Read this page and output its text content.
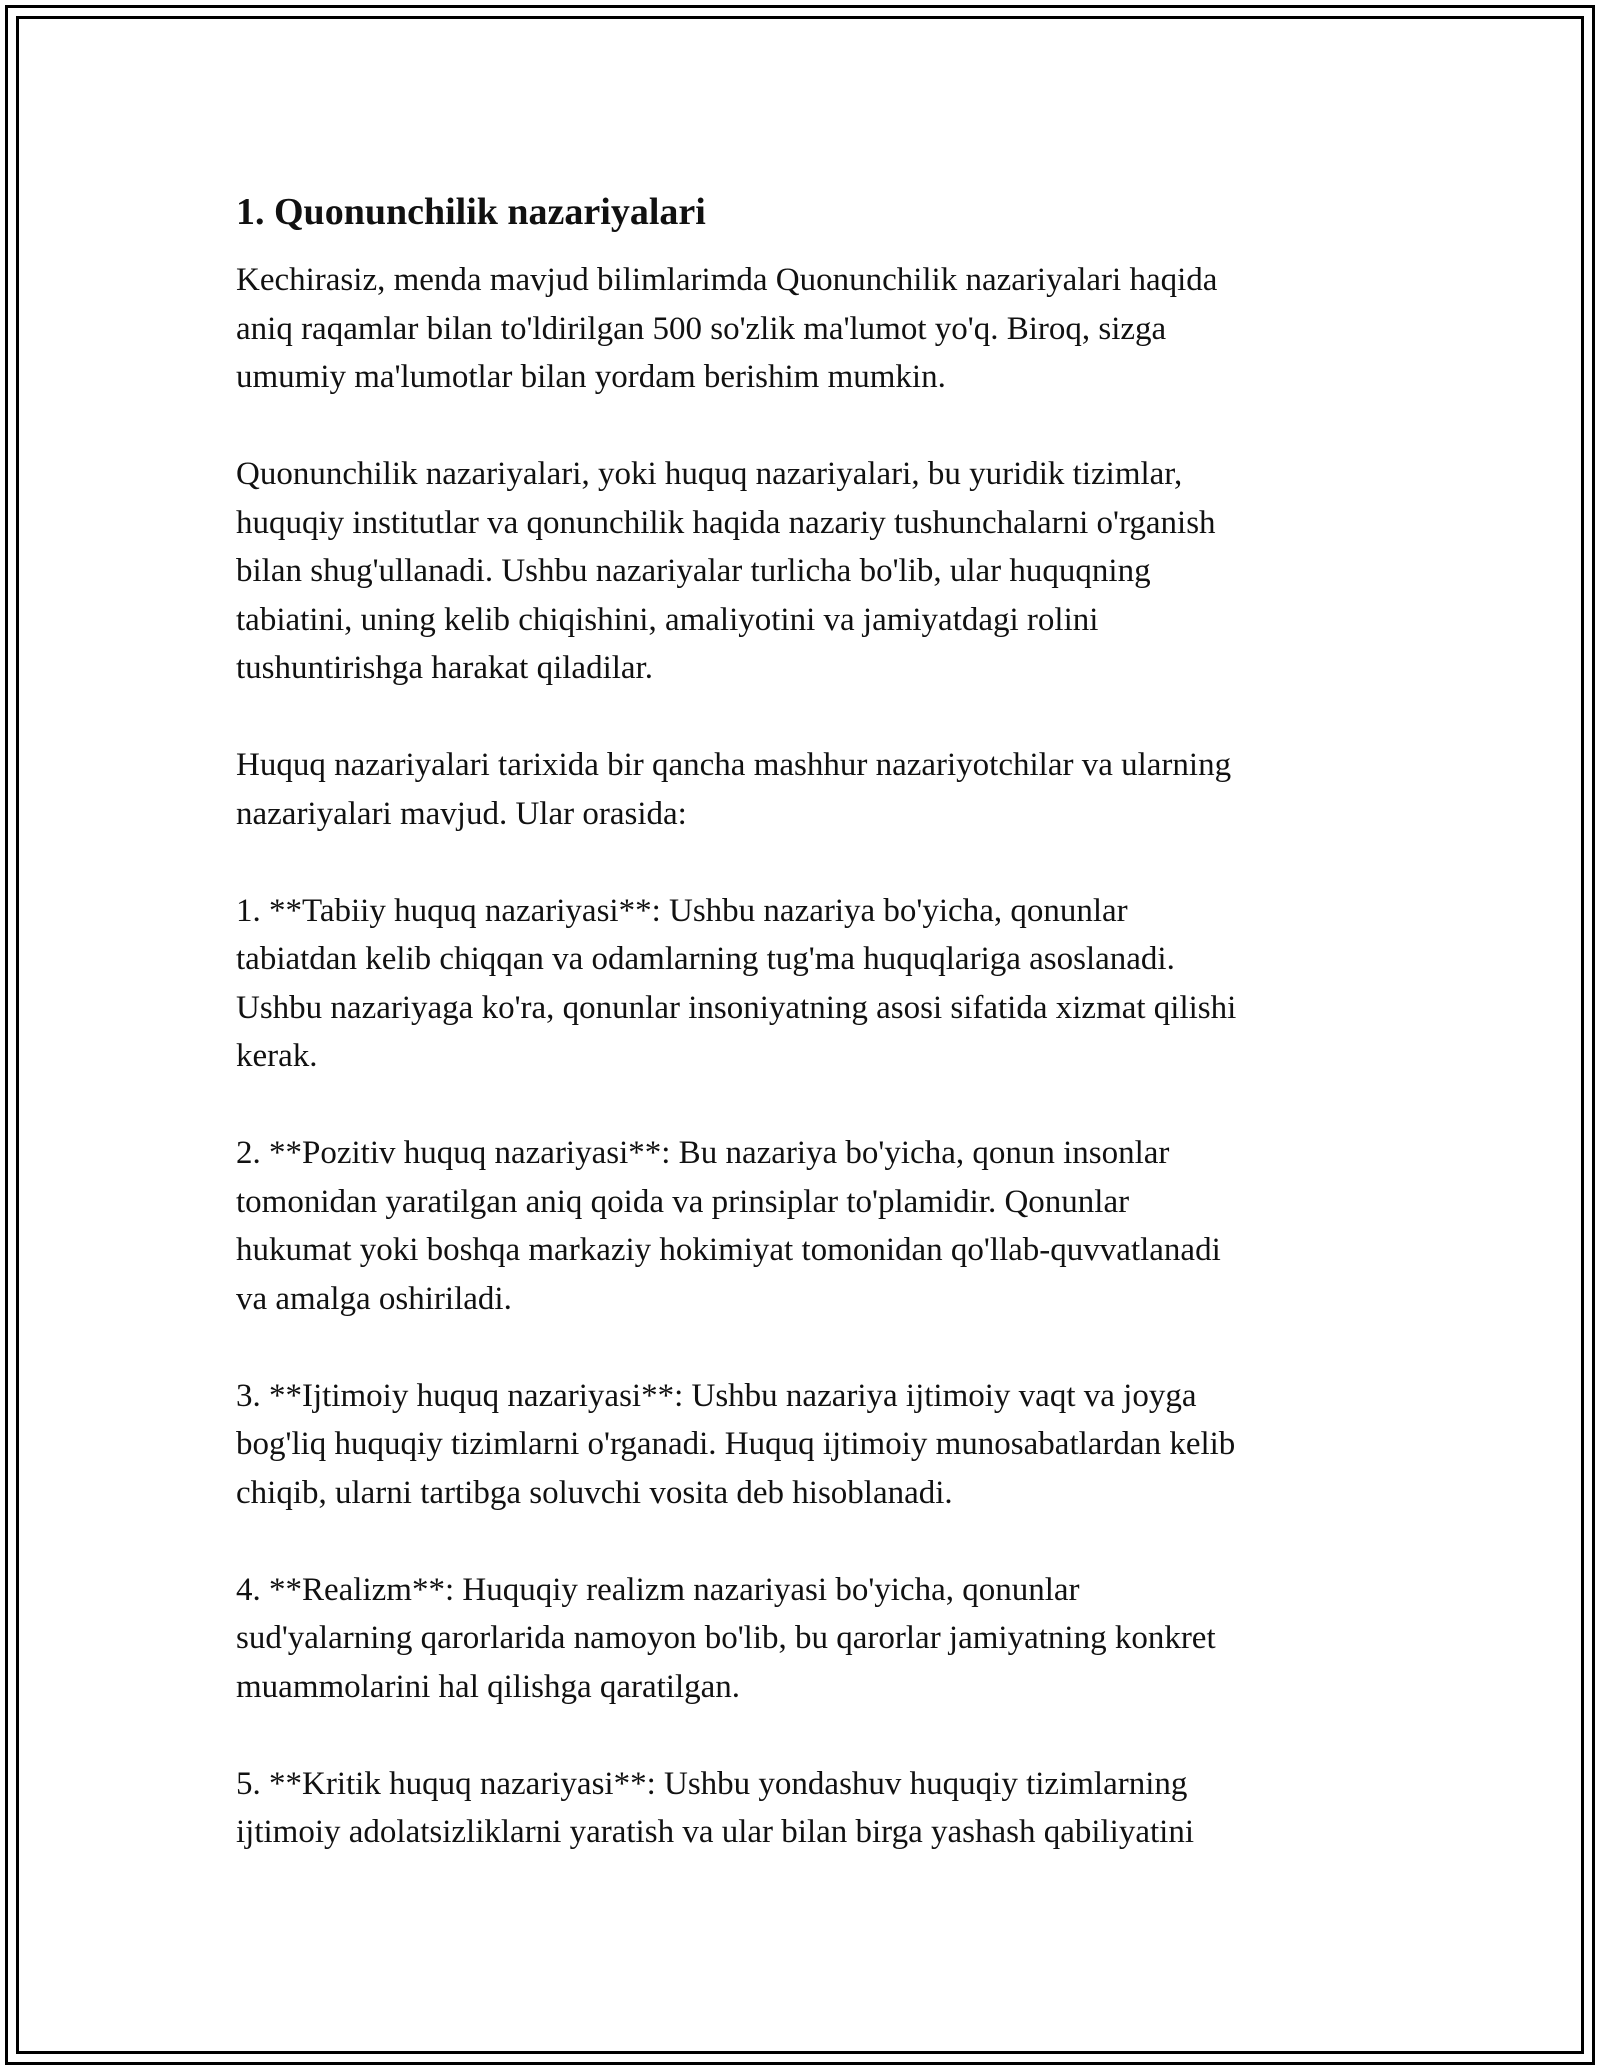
1. Quonunchilik nazariyalari
Kechirasiz, menda mavjud bilimlarimda Quonunchilik nazariyalari haqida
aniq raqamlar bilan to'ldirilgan 500 so'zlik ma'lumot yo'q. Biroq, sizga
umumiy ma'lumotlar bilan yordam berishim mumkin.
Quonunchilik nazariyalari, yoki huquq nazariyalari, bu yuridik tizimlar,
huquqiy institutlar va qonunchilik haqida nazariy tushunchalarni o'rganish
bilan shug'ullanadi. Ushbu nazariyalar turlicha bo'lib, ular huquqning
tabiatini, uning kelib chiqishini, amaliyotini va jamiyatdagi rolini
tushuntirishga harakat qiladilar.
Huquq nazariyalari tarixida bir qancha mashhur nazariyotchilar va ularning
nazariyalari mavjud. Ular orasida:
1. **Tabiiy huquq nazariyasi**: Ushbu nazariya bo'yicha, qonunlar
tabiatdan kelib chiqqan va odamlarning tug'ma huquqlariga asoslanadi.
Ushbu nazariyaga ko'ra, qonunlar insoniyatning asosi sifatida xizmat qilishi
kerak.
2. **Pozitiv huquq nazariyasi**: Bu nazariya bo'yicha, qonun insonlar
tomonidan yaratilgan aniq qoida va prinsiplar to'plamidir. Qonunlar
hukumat yoki boshqa markaziy hokimiyat tomonidan qo'llab-quvvatlanadi
va amalga oshiriladi.
3. **Ijtimoiy huquq nazariyasi**: Ushbu nazariya ijtimoiy vaqt va joyga
bog'liq huquqiy tizimlarni o'rganadi. Huquq ijtimoiy munosabatlardan kelib
chiqib, ularni tartibga soluvchi vosita deb hisoblanadi.
4. **Realizm**: Huquqiy realizm nazariyasi bo'yicha, qonunlar
sud'yalarning qarorlarida namoyon bo'lib, bu qarorlar jamiyatning konkret
muammolarini hal qilishga qaratilgan.
5. **Kritik huquq nazariyasi**: Ushbu yondashuv huquqiy tizimlarning
ijtimoiy adolatsizliklarni yaratish va ular bilan birga yashash qabiliyatini
